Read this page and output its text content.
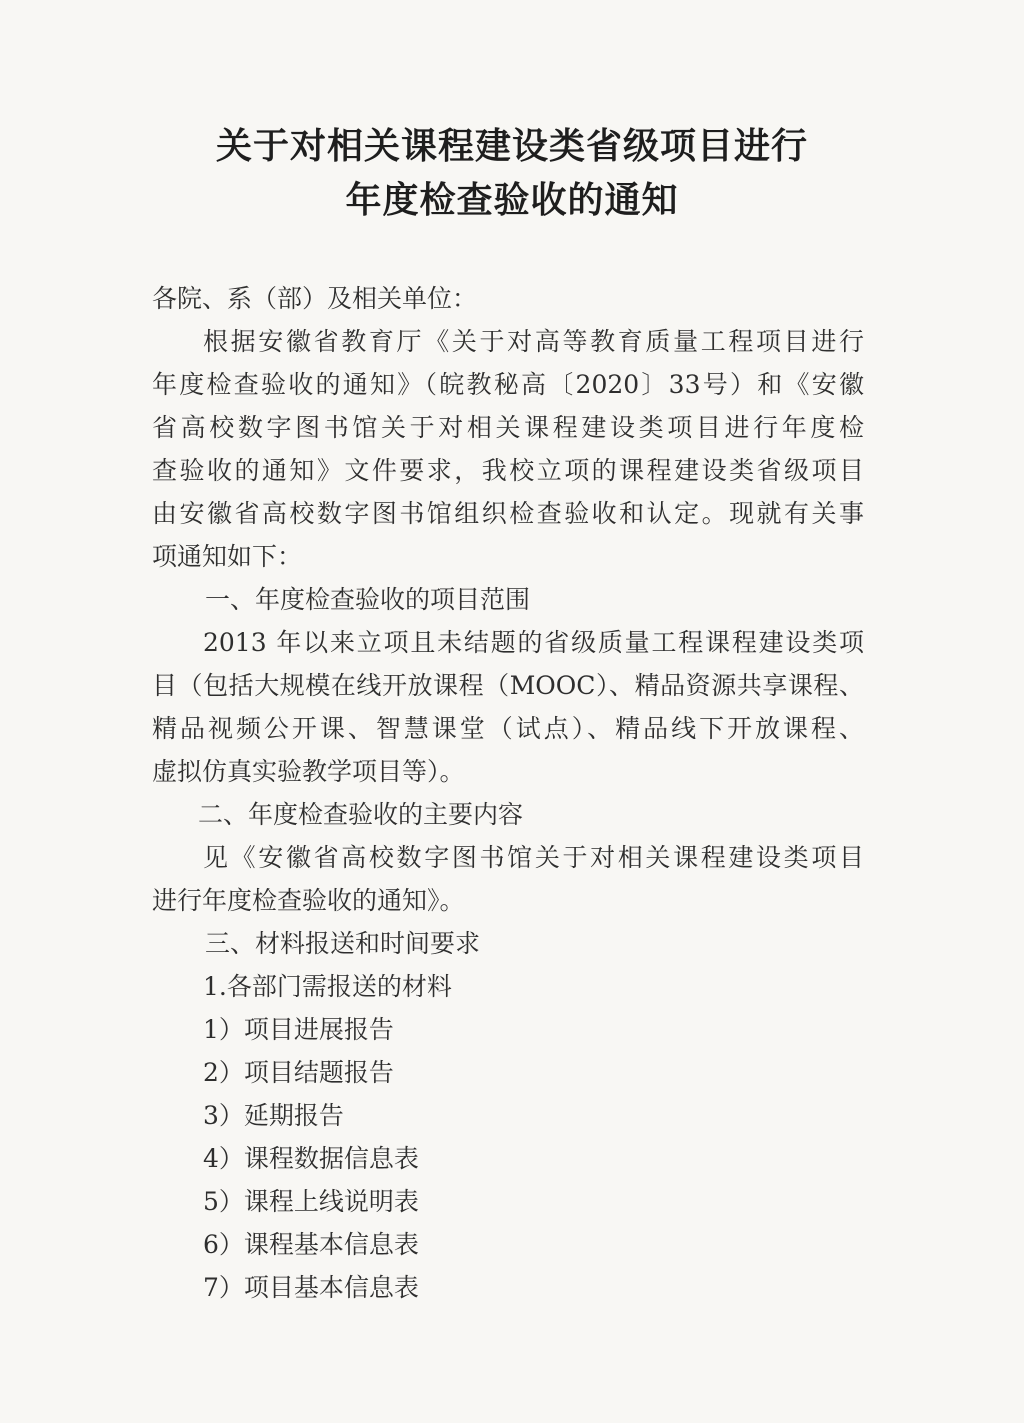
关于对相关课程建设类省级项目进行
年度检查验收的通知
各院、系（部）及相关单位：
根据安徽省教育厅《关于对高等教育质量工程项目进行
年度检查验收的通知》（皖教秘高〔2020〕33号）和《安徽
省高校数字图书馆关于对相关课程建设类项目进行年度检
查验收的通知》文件要求，我校立项的课程建设类省级项目
由安徽省高校数字图书馆组织检查验收和认定。现就有关事
项通知如下：
一、年度检查验收的项目范围
2013 年以来立项且未结题的省级质量工程课程建设类项
目（包括大规模在线开放课程（MOOC）、精品资源共享课程、
精品视频公开课、智慧课堂（试点）、精品线下开放课程、
虚拟仿真实验教学项目等）。
二、年度检查验收的主要内容
见《安徽省高校数字图书馆关于对相关课程建设类项目
进行年度检查验收的通知》。
三、材料报送和时间要求
1.各部门需报送的材料
1）项目进展报告
2）项目结题报告
3）延期报告
4）课程数据信息表
5）课程上线说明表
6）课程基本信息表
7）项目基本信息表
